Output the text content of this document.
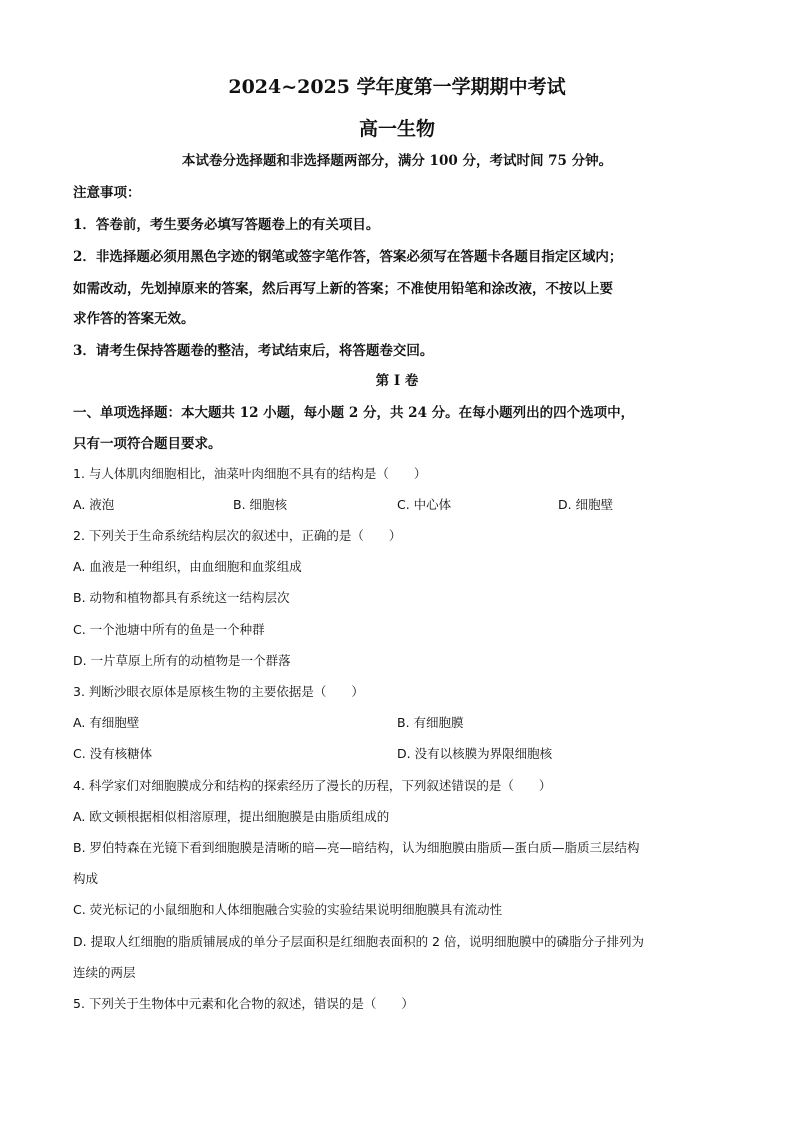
2024~2025 学年度第一学期期中考试
高一生物
本试卷分选择题和非选择题两部分，满分 100 分，考试时间 75 分钟。
注意事项：
1．答卷前，考生要务必填写答题卷上的有关项目。
2．非选择题必须用黑色字迹的钢笔或签字笔作答，答案必须写在答题卡各题目指定区域内；
如需改动，先划掉原来的答案，然后再写上新的答案；不准使用铅笔和涂改液，不按以上要
求作答的答案无效。
3．请考生保持答题卷的整洁，考试结束后，将答题卷交回。
第 I 卷
一、单项选择题：本大题共 12 小题，每小题 2 分，共 24 分。在每小题列出的四个选项中，
只有一项符合题目要求。
1. 与人体肌肉细胞相比，油菜叶肉细胞不具有的结构是（　　）
A. 液泡	B. 细胞核	C. 中心体	D. 细胞壁
2. 下列关于生命系统结构层次的叙述中，正确的是（　　）
A. 血液是一种组织，由血细胞和血浆组成
B. 动物和植物都具有系统这一结构层次
C. 一个池塘中所有的鱼是一个种群
D. 一片草原上所有的动植物是一个群落
3. 判断沙眼衣原体是原核生物的主要依据是（　　）
A. 有细胞壁	B. 有细胞膜
C. 没有核糖体	D. 没有以核膜为界限细胞核
4. 科学家们对细胞膜成分和结构的探索经历了漫长的历程，下列叙述错误的是（　　）
A. 欧文顿根据相似相溶原理，提出细胞膜是由脂质组成的
B. 罗伯特森在光镜下看到细胞膜是清晰的暗—亮—暗结构，认为细胞膜由脂质—蛋白质—脂质三层结构
构成
C. 荧光标记的小鼠细胞和人体细胞融合实验的实验结果说明细胞膜具有流动性
D. 提取人红细胞的脂质铺展成的单分子层面积是红细胞表面积的 2 倍，说明细胞膜中的磷脂分子排列为
连续的两层
5. 下列关于生物体中元素和化合物的叙述，错误的是（　　）
